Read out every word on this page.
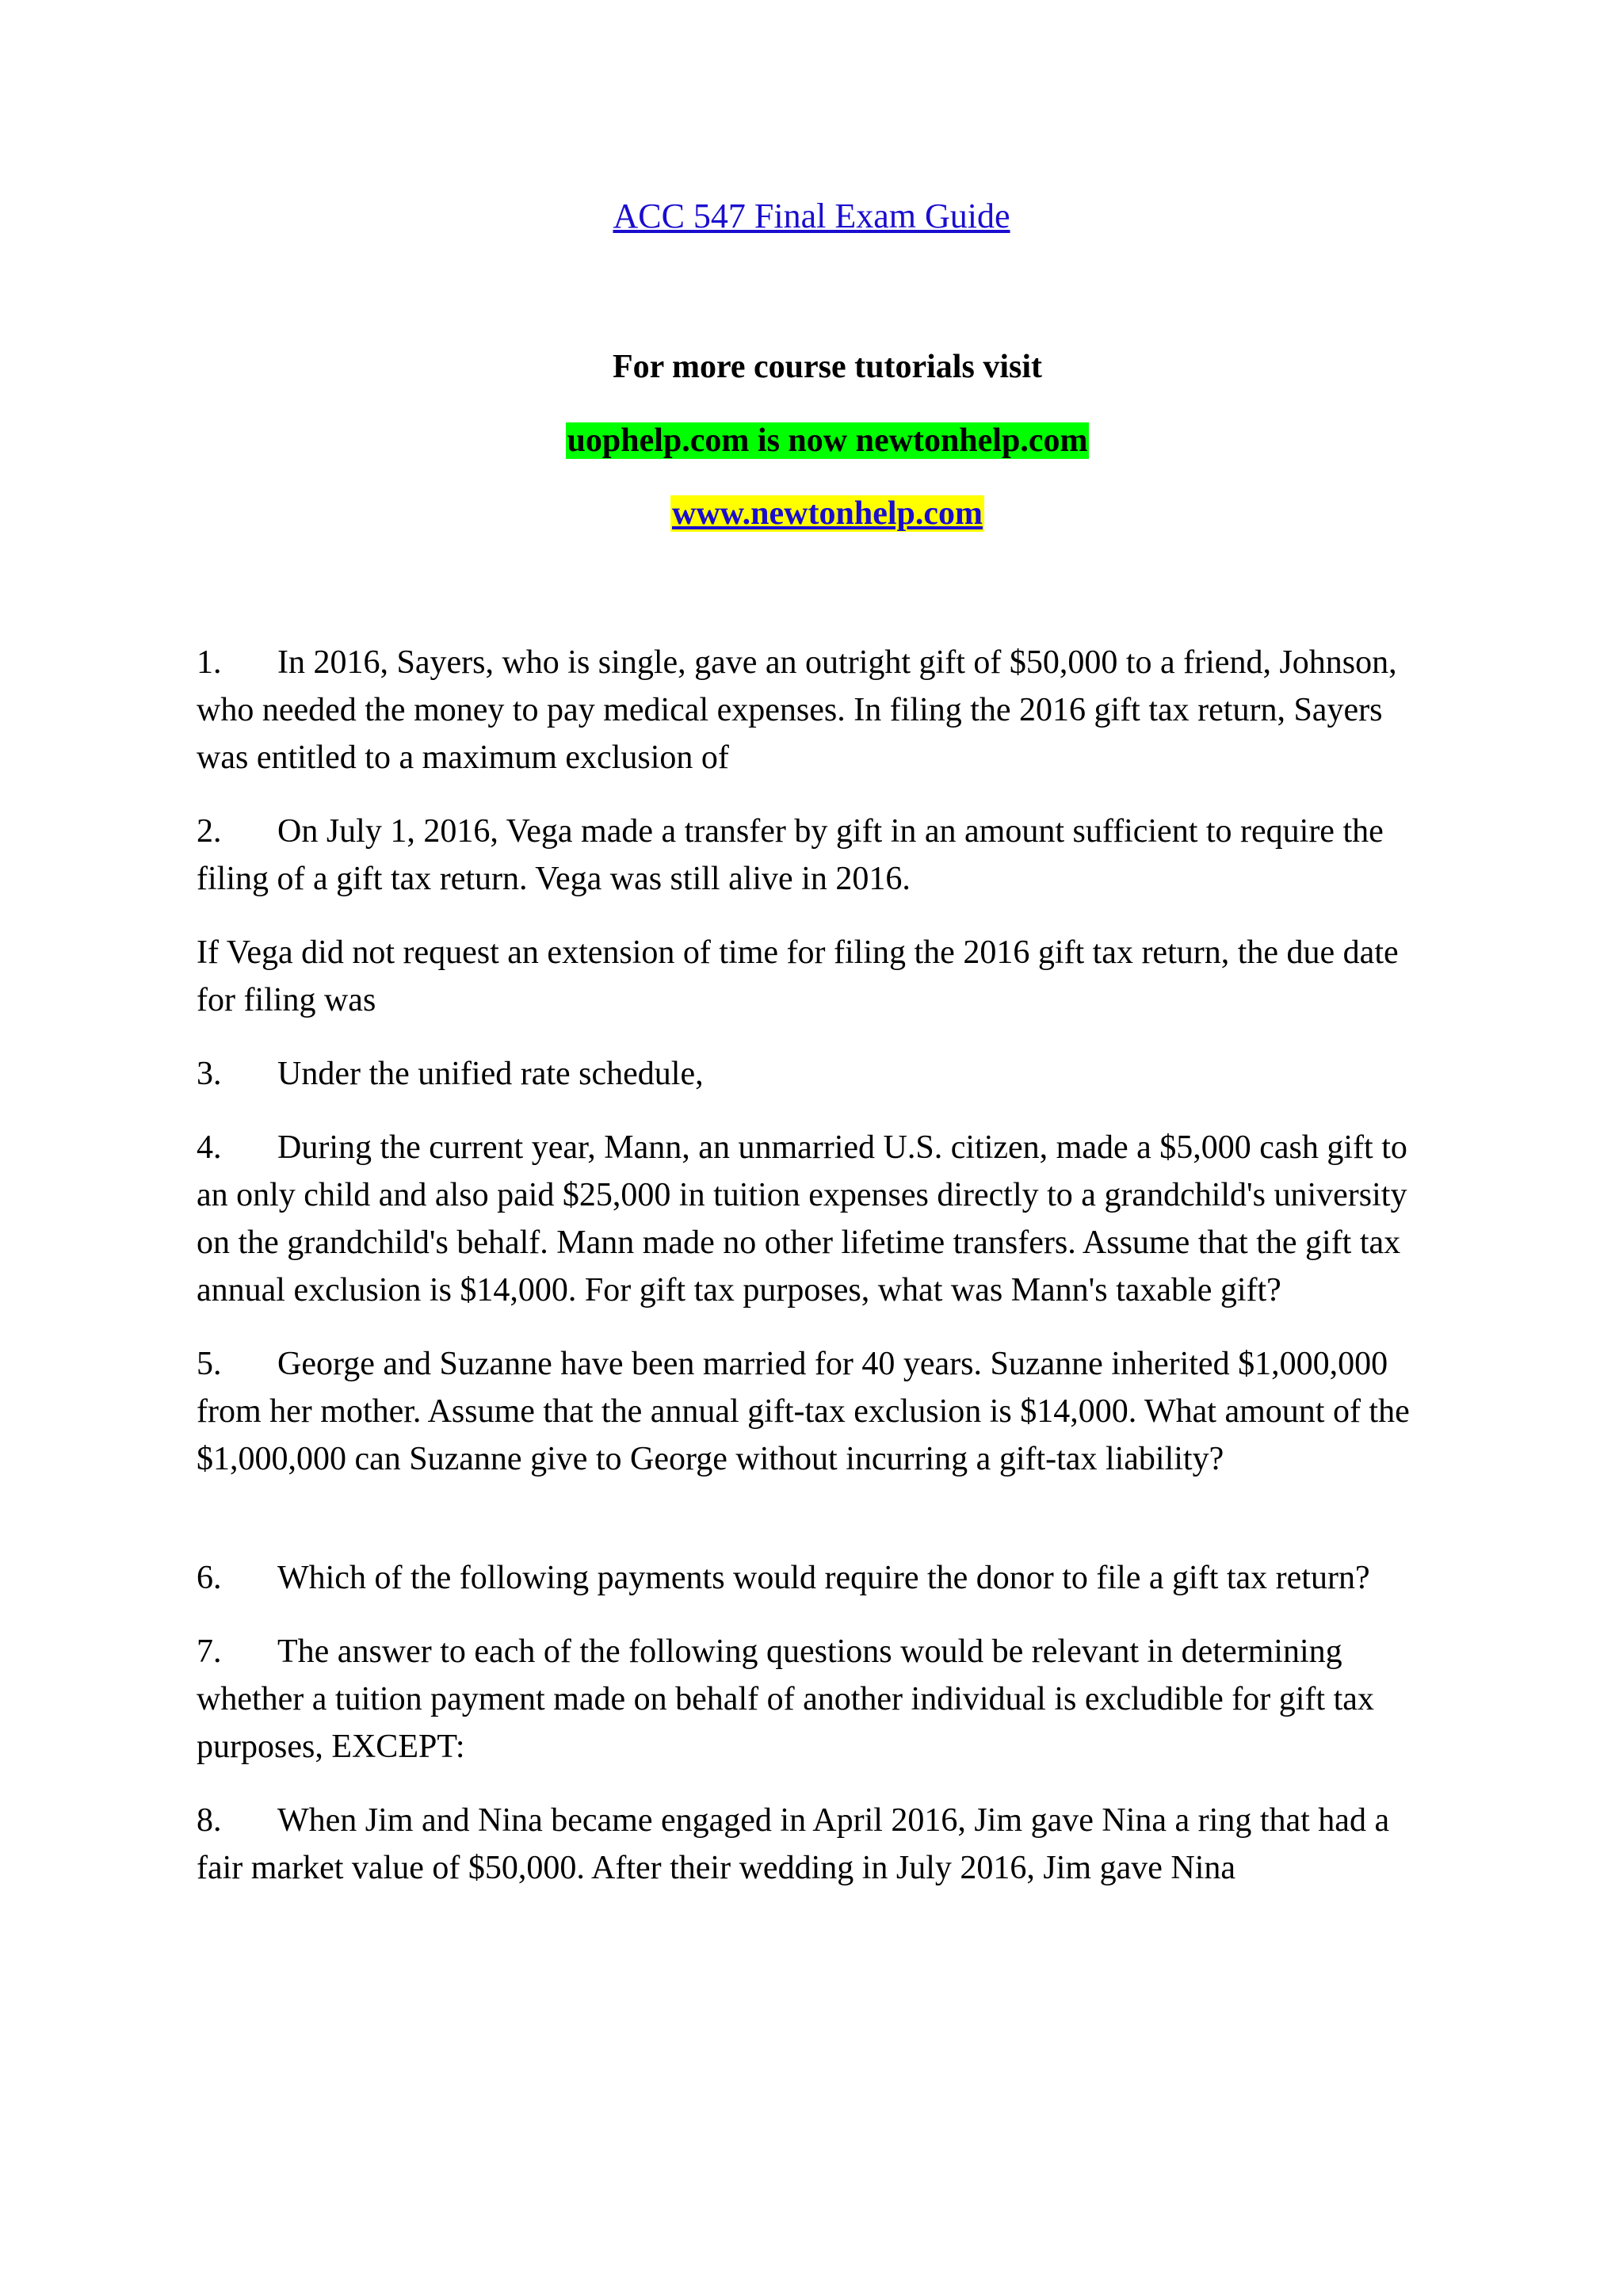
ACC 547 Final Exam Guide
For more course tutorials visit
uophelp.com is now newtonhelp.com
www.newtonhelp.com

1. In 2016, Sayers, who is single, gave an outright gift of $50,000 to a friend, Johnson, who needed the money to pay medical expenses. In filing the 2016 gift tax return, Sayers was entitled to a maximum exclusion of

2. On July 1, 2016, Vega made a transfer by gift in an amount sufficient to require the filing of a gift tax return. Vega was still alive in 2016.

If Vega did not request an extension of time for filing the 2016 gift tax return, the due date for filing was

3. Under the unified rate schedule,

4. During the current year, Mann, an unmarried U.S. citizen, made a $5,000 cash gift to an only child and also paid $25,000 in tuition expenses directly to a grandchild's university on the grandchild's behalf. Mann made no other lifetime transfers. Assume that the gift tax annual exclusion is $14,000. For gift tax purposes, what was Mann's taxable gift?

5. George and Suzanne have been married for 40 years. Suzanne inherited $1,000,000 from her mother. Assume that the annual gift-tax exclusion is $14,000. What amount of the $1,000,000 can Suzanne give to George without incurring a gift-tax liability?

6. Which of the following payments would require the donor to file a gift tax return?

7. The answer to each of the following questions would be relevant in determining whether a tuition payment made on behalf of another individual is excludible for gift tax purposes, EXCEPT:

8. When Jim and Nina became engaged in April 2016, Jim gave Nina a ring that had a fair market value of $50,000. After their wedding in July 2016, Jim gave Nina
